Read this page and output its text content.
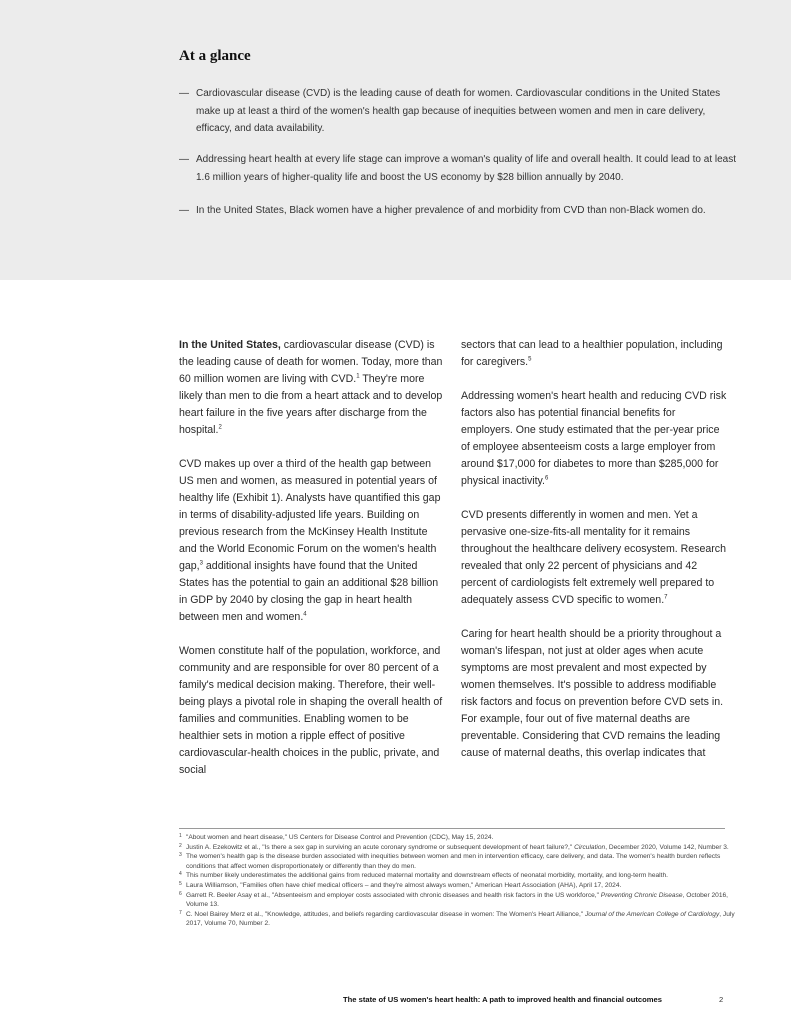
At a glance
— Cardiovascular disease (CVD) is the leading cause of death for women. Cardiovascular conditions in the United States make up at least a third of the women's health gap because of inequities between women and men in care delivery, efficacy, and data availability.
— Addressing heart health at every life stage can improve a woman's quality of life and overall health. It could lead to at least 1.6 million years of higher-quality life and boost the US economy by $28 billion annually by 2040.
— In the United States, Black women have a higher prevalence of and morbidity from CVD than non-Black women do.

In the United States, cardiovascular disease (CVD) is the leading cause of death for women. Today, more than 60 million women are living with CVD.$^1$ They're more likely than men to die from a heart attack and to develop heart failure in the five years after discharge from the hospital.$^2$

CVD makes up over a third of the health gap between US men and women, as measured in potential years of healthy life (Exhibit 1). Analysts have quantified this gap in terms of disability-adjusted life years. Building on previous research from the McKinsey Health Institute and the World Economic Forum on the women's health gap,$^3$ additional insights have found that the United States has the potential to gain an additional $28 billion in GDP by 2040 by closing the gap in heart health between men and women.$^4$

Women constitute half of the population, workforce, and community and are responsible for over 80 percent of a family's medical decision making. Therefore, their well-being plays a pivotal role in shaping the overall health of families and communities. Enabling women to be healthier sets in motion a ripple effect of positive cardiovascular-health choices in the public, private, and social

sectors that can lead to a healthier population, including for caregivers.$^5$

Addressing women's heart health and reducing CVD risk factors also has potential financial benefits for employers. One study estimated that the per-year price of employee absenteeism costs a large employer from around $17,000 for diabetes to more than $285,000 for physical inactivity.$^6$

CVD presents differently in women and men. Yet a pervasive one-size-fits-all mentality for it remains throughout the healthcare delivery ecosystem. Research revealed that only 22 percent of physicians and 42 percent of cardiologists felt extremely well prepared to adequately assess CVD specific to women.$^7$

Caring for heart health should be a priority throughout a woman's lifespan, not just at older ages when acute symptoms are most prevalent and most expected by women themselves. It's possible to address modifiable risk factors and focus on prevention before CVD sets in. For example, four out of five maternal deaths are preventable. Considering that CVD remains the leading cause of maternal deaths, this overlap indicates that

1 "About women and heart disease," US Centers for Disease Control and Prevention (CDC), May 15, 2024.
2 Justin A. Ezekowitz et al., "Is there a sex gap in surviving an acute coronary syndrome or subsequent development of heart failure?," Circulation, December 2020, Volume 142, Number 3.
3 The women's health gap is the disease burden associated with inequities between women and men in intervention efficacy, care delivery, and data. The women's health burden reflects conditions that affect women disproportionately or differently than they do men.
4 This number likely underestimates the additional gains from reduced maternal mortality and downstream effects of neonatal morbidity, mortality, and long-term health.
5 Laura Williamson, "Families often have chief medical officers – and they're almost always women," American Heart Association (AHA), April 17, 2024.
6 Garrett R. Beeler Asay et al., "Absenteeism and employer costs associated with chronic diseases and health risk factors in the US workforce," Preventing Chronic Disease, October 2016, Volume 13.
7 C. Noel Bairey Merz et al., "Knowledge, attitudes, and beliefs regarding cardiovascular disease in women: The Women's Heart Alliance," Journal of the American College of Cardiology, July 2017, Volume 70, Number 2.
The state of US women's heart health: A path to improved health and financial outcomes	2
